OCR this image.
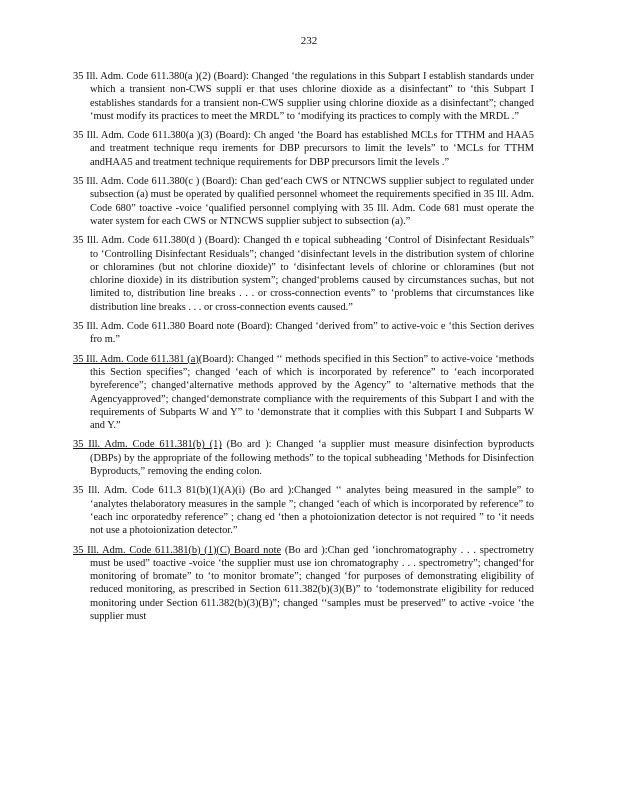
232

35 Ill. Adm. Code 611.380(a )(2) (Board): Changed ‘the regulations in this Subpart I establish standards under which a transient non-CWS suppli er that uses chlorine dioxide as a disinfectant” to ‘this Subpart I establishes standards for a transient non-CWS supplier using chlorine dioxide as a disinfectant”; changed ‘must modify its practices to meet the MRDL” to ‘modifying its practices to comply with the MRDL .”

35 Ill. Adm. Code 611.380(a )(3) (Board): Ch anged ‘the Board has established MCLs for TTHM and HAA5 and treatment technique requ irements for DBP precursors to limit the levels” to ‘MCLs for TTHM andHAA5 and treatment technique requirements for DBP precursors limit the levels .”

35 Ill. Adm. Code 611.380(c ) (Board): Chan ged‘each CWS or NTNCWS supplier subject to regulated under subsection (a) must be operated by qualified personnel whomeet the requirements specified in 35 Ill. Adm. Code 680” toactive -voice ‘qualified personnel complying with 35 Ill. Adm. Code 681 must operate the water system for each CWS or NTNCWS supplier subject to subsection (a).”

35 Ill. Adm. Code 611.380(d ) (Board): Changed th e topical subheading ‘Control of Disinfectant Residuals” to ‘Controlling Disinfectant Residuals”; changed ‘disinfectant levels in the distribution system of chlorine or chloramines (but not chlorine dioxide)” to ‘disinfectant levels of chlorine or chloramines (but not chlorine dioxide) in its distribution system”; changed‘problems caused by circumstances suchas, but not limited to, distribution line breaks . . . or cross-connection events” to ‘problems that circumstances like distribution line breaks . . . or cross-connection events caused.”

35 Ill. Adm. Code 611.380 Board note (Board): Changed ‘derived from” to active-voic e ‘this Section derives fro m.”

35 Ill. Adm. Code 611.381 (a)(Board): Changed ‘‘ methods specified in this Section” to active-voice ‘methods this Section specifies”; changed ‘each of which is incorporated by reference” to ‘each incorporated byreference”; changed‘alternative methods approved by the Agency” to ‘alternative methods that the Agencyapproved”; changed‘demonstrate compliance with the requirements of this Subpart I and with the requirements of Subparts W and Y” to ‘demonstrate that it complies with this Subpart I and Subparts W and Y.”

35 Ill. Adm. Code 611.381(b) (1) (Bo ard ): Changed ‘a supplier must measure disinfection byproducts (DBPs) by the appropriate of the following methods” to the topical subheading ‘Methods for Disinfection Byproducts,” removing the ending colon.

35 Ill. Adm. Code 611.3 81(b)(1)(A)(i) (Bo ard ):Changed ‘‘ analytes being measured in the sample” to ‘analytes thelaboratory measures in the sample ”; changed ‘each of which is incorporated by reference” to ‘each inc orporatedby reference” ; chang ed ‘then a photoionization detector is not required ” to ‘it needs not use a photoionization detector.”

35 Ill. Adm. Code 611.381(b) (1)(C) Board note (Bo ard ):Chan ged ‘ionchromatography . . . spectrometry must be used” toactive -voice ‘the supplier must use ion chromatography . . . spectrometry”; changed‘for monitoring of bromate” to ‘to monitor bromate”; changed ‘for purposes of demonstrating eligibility of reduced monitoring, as prescribed in Section 611.382(b)(3)(B)” to ‘todemonstrate eligibility for reduced monitoring under Section 611.382(b)(3)(B)”; changed ‘‘samples must be preserved” to active -voice ‘the supplier must
